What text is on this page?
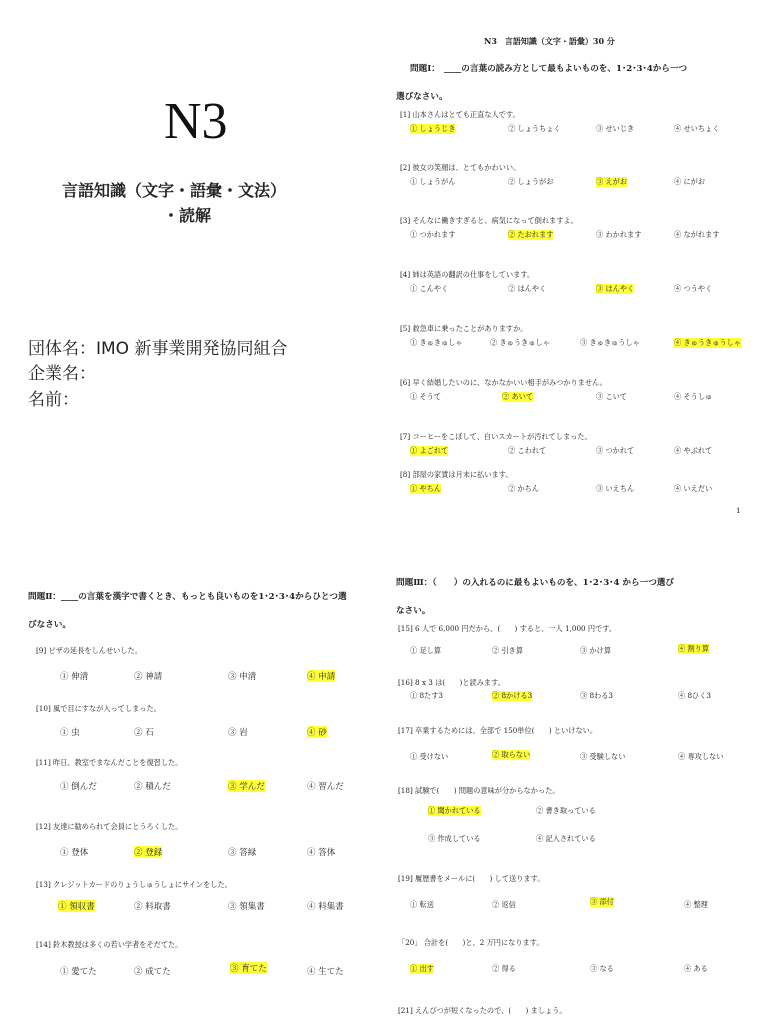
N3
言語知識（文字・語彙・文法）
・読解
団体名：IMO 新事業開発協同組合
企業名：
名前：
N3　言語知識（文字・語彙）30 分
問題Ⅰ：　____の言葉の読み方として最もよいものを、1･2･3･4から一つ
選びなさい。
[1] 山本さんはとても正直な人です。
① しょうじき	② しょうちょく	③ せいじき	④ せいちょく
[2] 彼女の笑顔は、とてもかわいい。
① しょうがん	② しょうがお	③ えがお	④ にがお
[3] そんなに働きすぎると、病気になって倒れますよ。
① つかれます	② たおれます	③ わかれます	④ ながれます
[4] 姉は英語の翻訳の仕事をしています。
① こんやく	② はんやく	③ ほんやく	④ つうやく
[5] 救急車に乗ったことがありますか。
① きゅきゅしゃ	② きゅうきゅしゃ	③ きゅきゅうしゃ	④ きゅうきゅうしゃ
[6] 早く結婚したいのに、なかなかいい相手がみつかりません。
① そうて	② あいて	③ こいて	④ そうしゅ
[7] コーヒーをこぼして、白いスカートが汚れてしまった。
① よごれて	② こわれて	③ つかれて	④ やぶれて
[8] 部屋の家賃は月末に払います。
① やちん	② かちん	③ いえちん	④ いえだい
1
問題Ⅱ：____の言葉を漢字で書くとき、もっとも良いものを1･2･3･4からひとつ選
びなさい。
[9] ビザの延長をしんせいした。
① 伸清	② 神請	③ 申清	④ 申請
[10] 風で目にすなが入ってしまった。
① 虫	② 石	③ 岩	④ 砂
[11] 昨日、教室でまなんだことを復習した。
① 倒んだ	② 積んだ	③ 学んだ	④ 習んだ
[12] 友達に勧められて会員にとうろくした。
① 登体	② 登録	③ 答緑	④ 答体
[13] クレジットカードのりょうしゅうしょにサインをした。
① 領収書	② 料取書	③ 領集書	④ 料集書
[14] 鈴木教授は多くの若い学者をそだてた。
① 愛てた	② 成てた	③ 育てた	④ 生てた
問題Ⅲ：（　　）の入れるのに最もよいものを、1･2･3･4 から一つ選び
なさい。
[15] 6 人で 6,000 円だから、(　　) すると、一人 1,000 円です。
① 足し算	② 引き算	③ かけ算	④ 割り算
[16] 8 x 3 は(　　)と読みます。
① 8たす3	② 8かける3	③ 8わる3	④ 8ひく3
[17] 卒業するためには、全部で 150単位(　　) といけない。
① 受けない	② 取らない	③ 受験しない	④ 専攻しない
[18] 試験で(　　) 問題の意味が分からなかった。
① 聞かれている	② 書き取っている
③ 作成している	④ 記入されている
[19] 履歴書をメールに(　　) して送ります。
① 転送	② 返信	③ 添付	④ 整理
「20」 合計を(　　)と、2 万円になります。
① 出す	② 得る	③ なる	④ ある
[21] えんぴつが短くなったので、(　　) ましょう。
